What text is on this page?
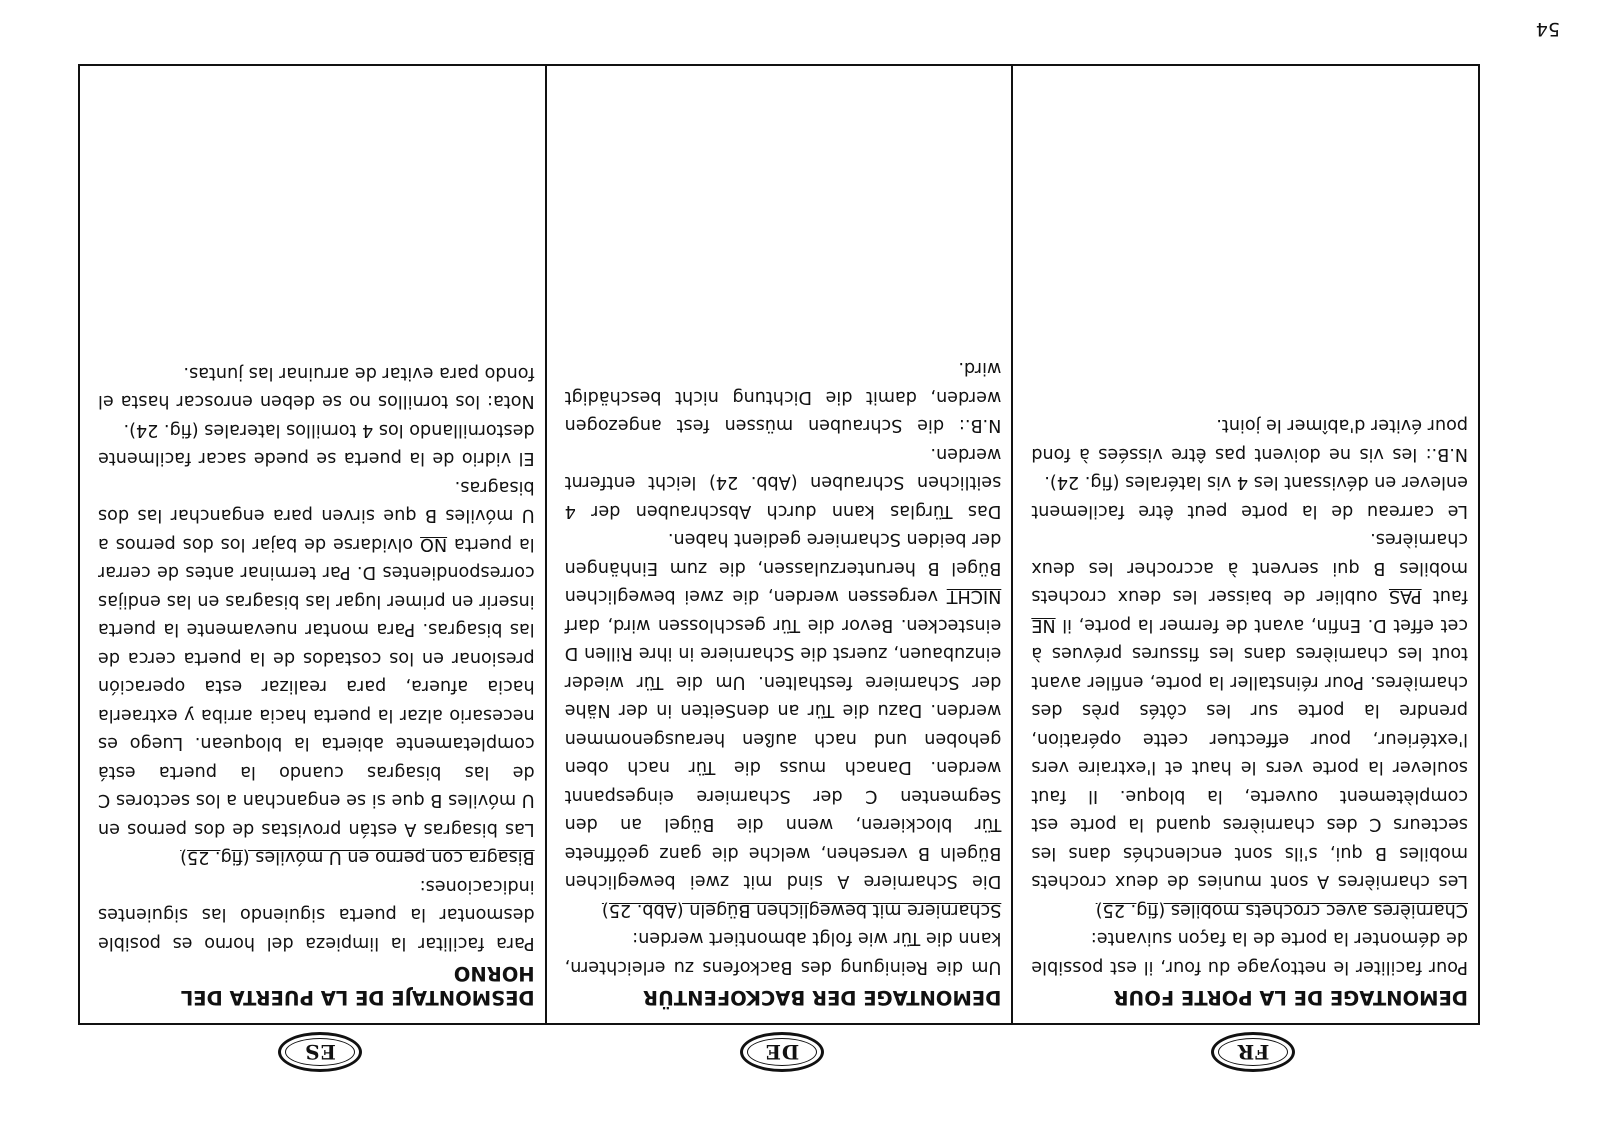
54
FR
DE
ES
DEMONTAGE DE LA PORTE FOUR

Pour faciliter le nettoyage du four, il est possible de démonter la porte de la façon suivante:

Charnières avec crochets mobiles (fig. 25)

Les charnières A sont munies de deux crochets mobiles B qui, s'ils sont enclenchés dans les secteurs C des charnières quand la porte est complètement ouverte, la bloque. Il faut soulever la porte vers le haut et l'extraire vers l'extérieur, pour effectuer cette opération, prendre la porte sur les côtés près des charnières. Pour réinstaller la porte, enfiler avant tout les charnières dans les fissures prévues à cet effet D. Enfin, avant de fermer la porte, il NE faut PAS oublier de baisser les deux crochets mobiles B qui servent à accrocher les deux charnières.

Le carreau de la porte peut être facilement enlever en dévissant les 4 vis latérales (fig. 24).

N.B.: les vis ne doivent pas être vissées à fond pour éviter d'abîmer le joint.

DEMONTAGE DER BACKOFENTÜR

Um die Reinigung des Backofens zu erleichtern, kann die Tür wie folgt abmontiert werden:

Scharniere mit beweglichen Bügeln (Abb. 25)

Die Scharniere A sind mit zwei beweglichen Bügeln B versehen, welche die ganz geöffnete Tür blockieren, wenn die Bügel an den Segmenten C der Scharniere eingespannt werden. Danach muss die Tür nach oben gehoben und nach außen herausgenommen werden. Dazu die Tür an denSeiten in der Nähe der Scharniere festhalten. Um die Tür wieder einzubauen, zuerst die Scharniere in ihre Rillen D einstecken. Bevor die Tür geschlossen wird, darf NICHT vergessen werden, die zwei beweglichen Bügel B herunterzulassen, die zum Einhängen der beiden Scharniere gedient haben.

Das Türglas kann durch Abschrauben der 4 seitlichen Schrauben (Abb. 24) leicht entfernt werden.

N.B.: die Schrauben müssen fest angezogen werden, damit die Dichtung nicht beschädigt wird.

DESMONTAJE DE LA PUERTA DEL HORNO

Para facilitar la limpieza del horno es posible desmontar la puerta siguiendo las siguientes indicaciones:

Bisagra con perno en U móviles (fig. 25)

Las bisagras A están provistas de dos pernos en U móviles B que si se enganchan a los sectores C de las bisagras cuando la puerta está completamente abierta la bloquean. Luego es necesario alzar la puerta hacia arriba y extraerla hacia afuera, para realizar esta operación presionar en los costados de la puerta cerca de las bisagras. Para montar nuevamente la puerta inserir en primer lugar las bisagras en las endijas correspondientes D. Par terminar antes de cerrar la puerta NO olvidarse de bajar los dos pernos a U móviles B que sirven para enganchar las dos bisagras.

El vidrio de la puerta se puede sacar facilmente destornillando los 4 tornillos laterales (fig. 24).

Nota: los tornillos no se deben enroscar hasta el fondo para evitar de arruinar las juntas.
